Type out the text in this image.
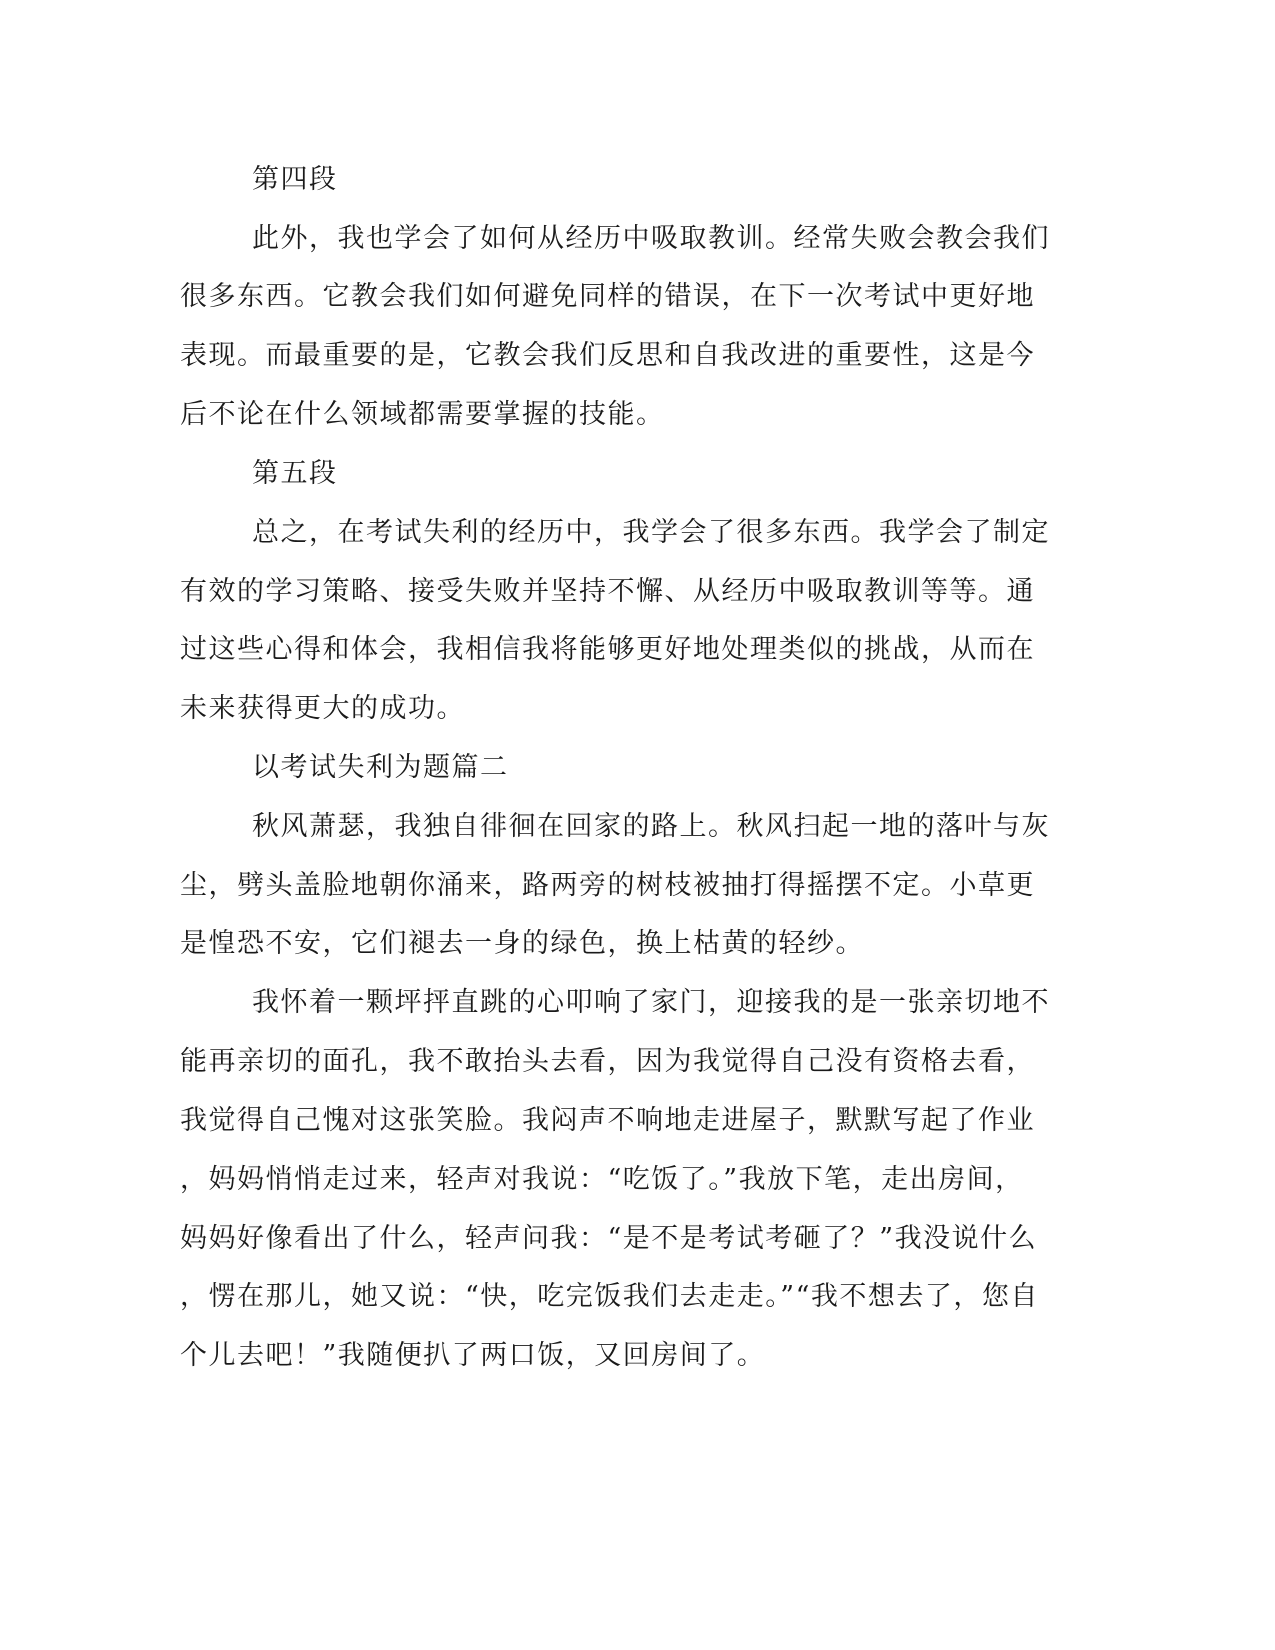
第四段
此外，我也学会了如何从经历中吸取教训。经常失败会教会我们
很多东西。它教会我们如何避免同样的错误，在下一次考试中更好地
表现。而最重要的是，它教会我们反思和自我改进的重要性，这是今
后不论在什么领域都需要掌握的技能。
第五段
总之，在考试失利的经历中，我学会了很多东西。我学会了制定
有效的学习策略、接受失败并坚持不懈、从经历中吸取教训等等。通
过这些心得和体会，我相信我将能够更好地处理类似的挑战，从而在
未来获得更大的成功。
以考试失利为题篇二
秋风萧瑟，我独自徘徊在回家的路上。秋风扫起一地的落叶与灰
尘，劈头盖脸地朝你涌来，路两旁的树枝被抽打得摇摆不定。小草更
是惶恐不安，它们褪去一身的绿色，换上枯黄的轻纱。
我怀着一颗坪抨直跳的心叩响了家门，迎接我的是一张亲切地不
能再亲切的面孔，我不敢抬头去看，因为我觉得自己没有资格去看，
我觉得自己愧对这张笑脸。我闷声不响地走进屋子，默默写起了作业
，妈妈悄悄走过来，轻声对我说：“吃饭了。”我放下笔，走出房间，
妈妈好像看出了什么，轻声问我：“是不是考试考砸了？”我没说什么
，愣在那儿，她又说：“快，吃完饭我们去走走。”“我不想去了，您自
个儿去吧！”我随便扒了两口饭，又回房间了。
